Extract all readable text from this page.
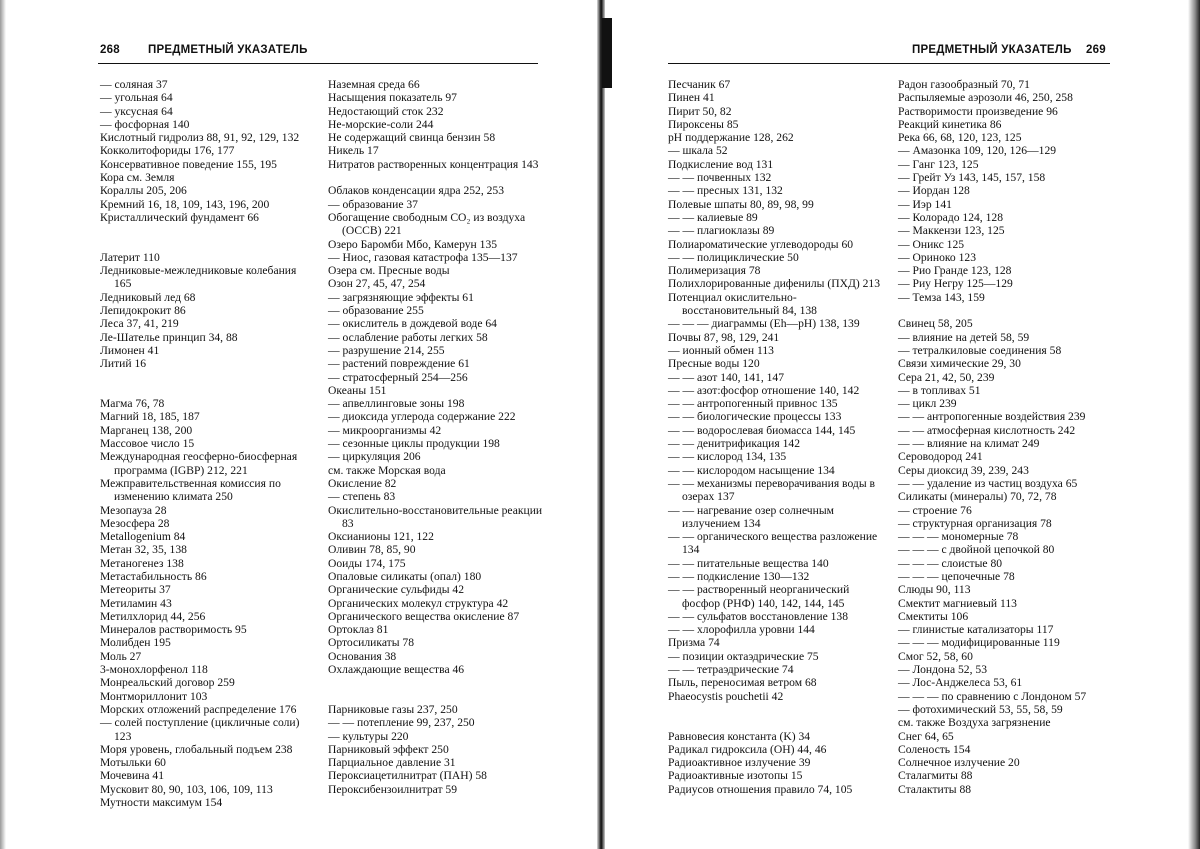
268 ПРЕДМЕТНЫЙ УКАЗАТЕЛЬ
— соляная 37
— угольная 64
— уксусная 64
— фосфорная 140
Кислотный гидролиз 88, 91, 92, 129, 132
Кокколитофориды 176, 177
Консервативное поведение 155, 195
Кора см. Земля
Кораллы 205, 206
Кремний 16, 18, 109, 143, 196, 200
Кристаллический фундамент 66
Латерит 110
Ледниковые-межледниковые колебания 165
Ледниковый лед 68
Лепидокрокит 86
Леса 37, 41, 219
Ле-Шателье принцип 34, 88
Лимонен 41
Литий 16
Магма 76, 78
Магний 18, 185, 187
Марганец 138, 200
Массовое число 15
Международная геосферно-биосферная программа (IGBP) 212, 221
Межправительственная комиссия по изменению климата 250
Мезопауза 28
Мезосфера 28
Metallogenium 84
Метан 32, 35, 138
Метаногенез 138
Метастабильность 86
Метеориты 37
Метиламин 43
Метилхлорид 44, 256
Минералов растворимость 95
Молибден 195
Моль 27
3-монохлорфенол 118
Монреальский договор 259
Монтмориллонит 103
Морских отложений распределение 176
— солей поступление (цикличные соли) 123
Моря уровень, глобальный подъем 238
Мотыльки 60
Мочевина 41
Мусковит 80, 90, 103, 106, 109, 113
Мутности максимум 154
Наземная среда 66
Насыщения показатель 97
Недостающий сток 232
Не-морские-соли 244
Не содержащий свинца бензин 58
Никель 17
Нитратов растворенных концентрация 143
Облаков конденсации ядра 252, 253
— образование 37
Обогащение свободным CO₂ из воздуха (ОССВ) 221
Озеро Баромби Мбо, Камерун 135
— Ниос, газовая катастрофа 135—137
Озера см. Пресные воды
Озон 27, 45, 47, 254
— загрязняющие эффекты 61
— образование 255
— окислитель в дождевой воде 64
— ослабление работы легких 58
— разрушение 214, 255
— растений повреждение 61
— стратосферный 254—256
Океаны 151
— апвеллинговые зоны 198
— диоксида углерода содержание 222
— микроорганизмы 42
— сезонные циклы продукции 198
— циркуляция 206
см. также Морская вода
Окисление 82
— степень 83
Окислительно-восстановительные реакции 83
Оксианионы 121, 122
Оливин 78, 85, 90
Ооиды 174, 175
Опаловые силикаты (опал) 180
Органические сульфиды 42
Органических молекул структура 42
Органического вещества окисление 87
Ортоклаз 81
Ортосиликаты 78
Основания 38
Охлаждающие вещества 46
Парниковые газы 237, 250
— — потепление 99, 237, 250
— культуры 220
Парниковый эффект 250
Парциальное давление 31
Пероксиацетилнитрат (ПАН) 58
Пероксибензоилнитрат 59
ПРЕДМЕТНЫЙ УКАЗАТЕЛЬ 269
Песчаник 67
Пинен 41
Пирит 50, 82
Пироксены 85
pH поддержание 128, 262
— шкала 52
Подкисление вод 131
— — почвенных 132
— — пресных 131, 132
Полевые шпаты 80, 89, 98, 99
— — калиевые 89
— — плагиоклазы 89
Полиароматические углеводороды 60
— — полициклические 50
Полимеризация 78
Полихлорированные дифенилы (ПХД) 213
Потенциал окислительно-восстановительный 84, 138
— — — диаграммы (Eh—pH) 138, 139
Почвы 87, 98, 129, 241
— ионный обмен 113
Пресные воды 120
— — азот 140, 141, 147
— — азот:фосфор отношение 140, 142
— — антропогенный привнос 135
— — биологические процессы 133
— — водорослевая биомасса 144, 145
— — денитрификация 142
— — кислород 134, 135
— — кислородом насыщение 134
— — механизмы переворачивания воды в озерах 137
— — нагревание озер солнечным излучением 134
— — органического вещества разложение 134
— — питательные вещества 140
— — подкисление 130—132
— — растворенный неорганический фосфор (РНФ) 140, 142, 144, 145
— — сульфатов восстановление 138
— — хлорофилла уровни 144
Призма 74
— позиции октаэдрические 75
— — тетраэдрические 74
Пыль, переносимая ветром 68
Phaeocystis pouchetii 42
Равновесия константа (K) 34
Радикал гидроксила (ОН) 44, 46
Радиоактивное излучение 39
Радиоактивные изотопы 15
Радиусов отношения правило 74, 105
Радон газообразный 70, 71
Распыляемые аэрозоли 46, 250, 258
Растворимости произведение 96
Реакций кинетика 86
Река 66, 68, 120, 123, 125
— Амазонка 109, 120, 126—129
— Ганг 123, 125
— Грейт Уз 143, 145, 157, 158
— Иордан 128
— Иэр 141
— Колорадо 124, 128
— Маккензи 123, 125
— Оникс 125
— Ориноко 123
— Рио Гранде 123, 128
— Риу Негру 125—129
— Темза 143, 159
Свинец 58, 205
— влияние на детей 58, 59
— тетралкиловые соединения 58
Связи химические 29, 30
Сера 21, 42, 50, 239
— в топливах 51
— цикл 239
— — антропогенные воздействия 239
— — атмосферная кислотность 242
— — влияние на климат 249
Сероводород 241
Серы диоксид 39, 239, 243
— — удаление из частиц воздуха 65
Силикаты (минералы) 70, 72, 78
— строение 76
— структурная организация 78
— — — мономерные 78
— — — с двойной цепочкой 80
— — — слоистые 80
— — — цепочечные 78
Слюды 90, 113
Смектит магниевый 113
Смектиты 106
— глинистые катализаторы 117
— — — модифицированные 119
Смог 52, 58, 60
— Лондона 52, 53
— Лос-Анджелеса 53, 61
— — — по сравнению с Лондоном 57
— фотохимический 53, 55, 58, 59
см. также Воздуха загрязнение
Снег 64, 65
Соленость 154
Солнечное излучение 20
Сталагмиты 88
Сталактиты 88
